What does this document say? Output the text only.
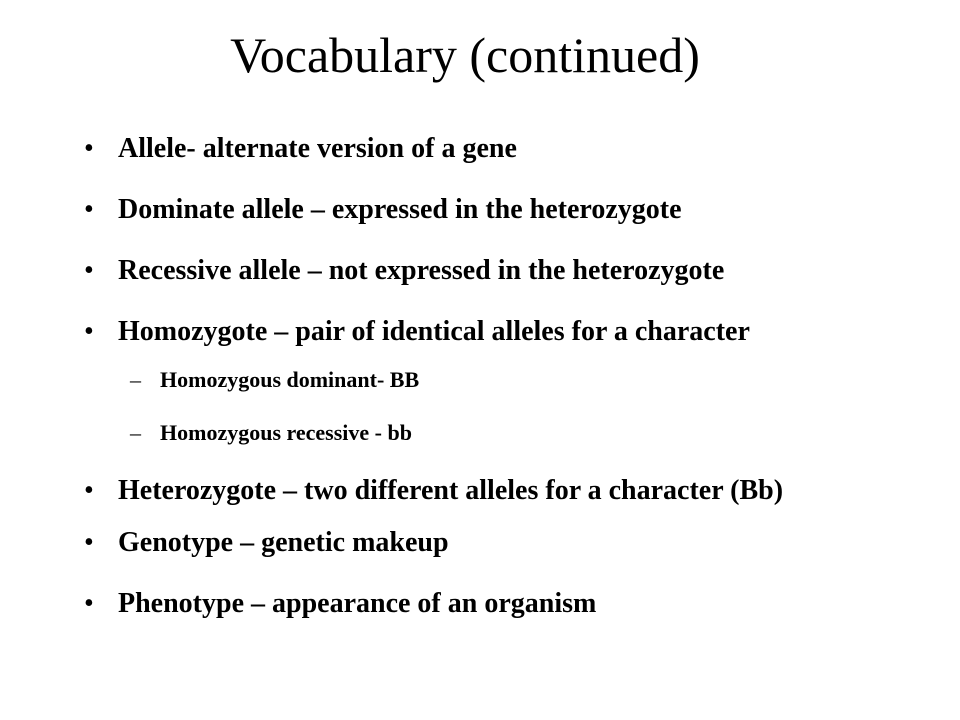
Vocabulary (continued)
• Allele- alternate version of a gene
• Dominate allele – expressed in the heterozygote
• Recessive allele – not expressed in the heterozygote
• Homozygote – pair of identical alleles for a character
– Homozygous dominant- BB
– Homozygous recessive - bb
• Heterozygote – two different alleles for a character (Bb)
• Genotype – genetic makeup
• Phenotype – appearance of an organism
